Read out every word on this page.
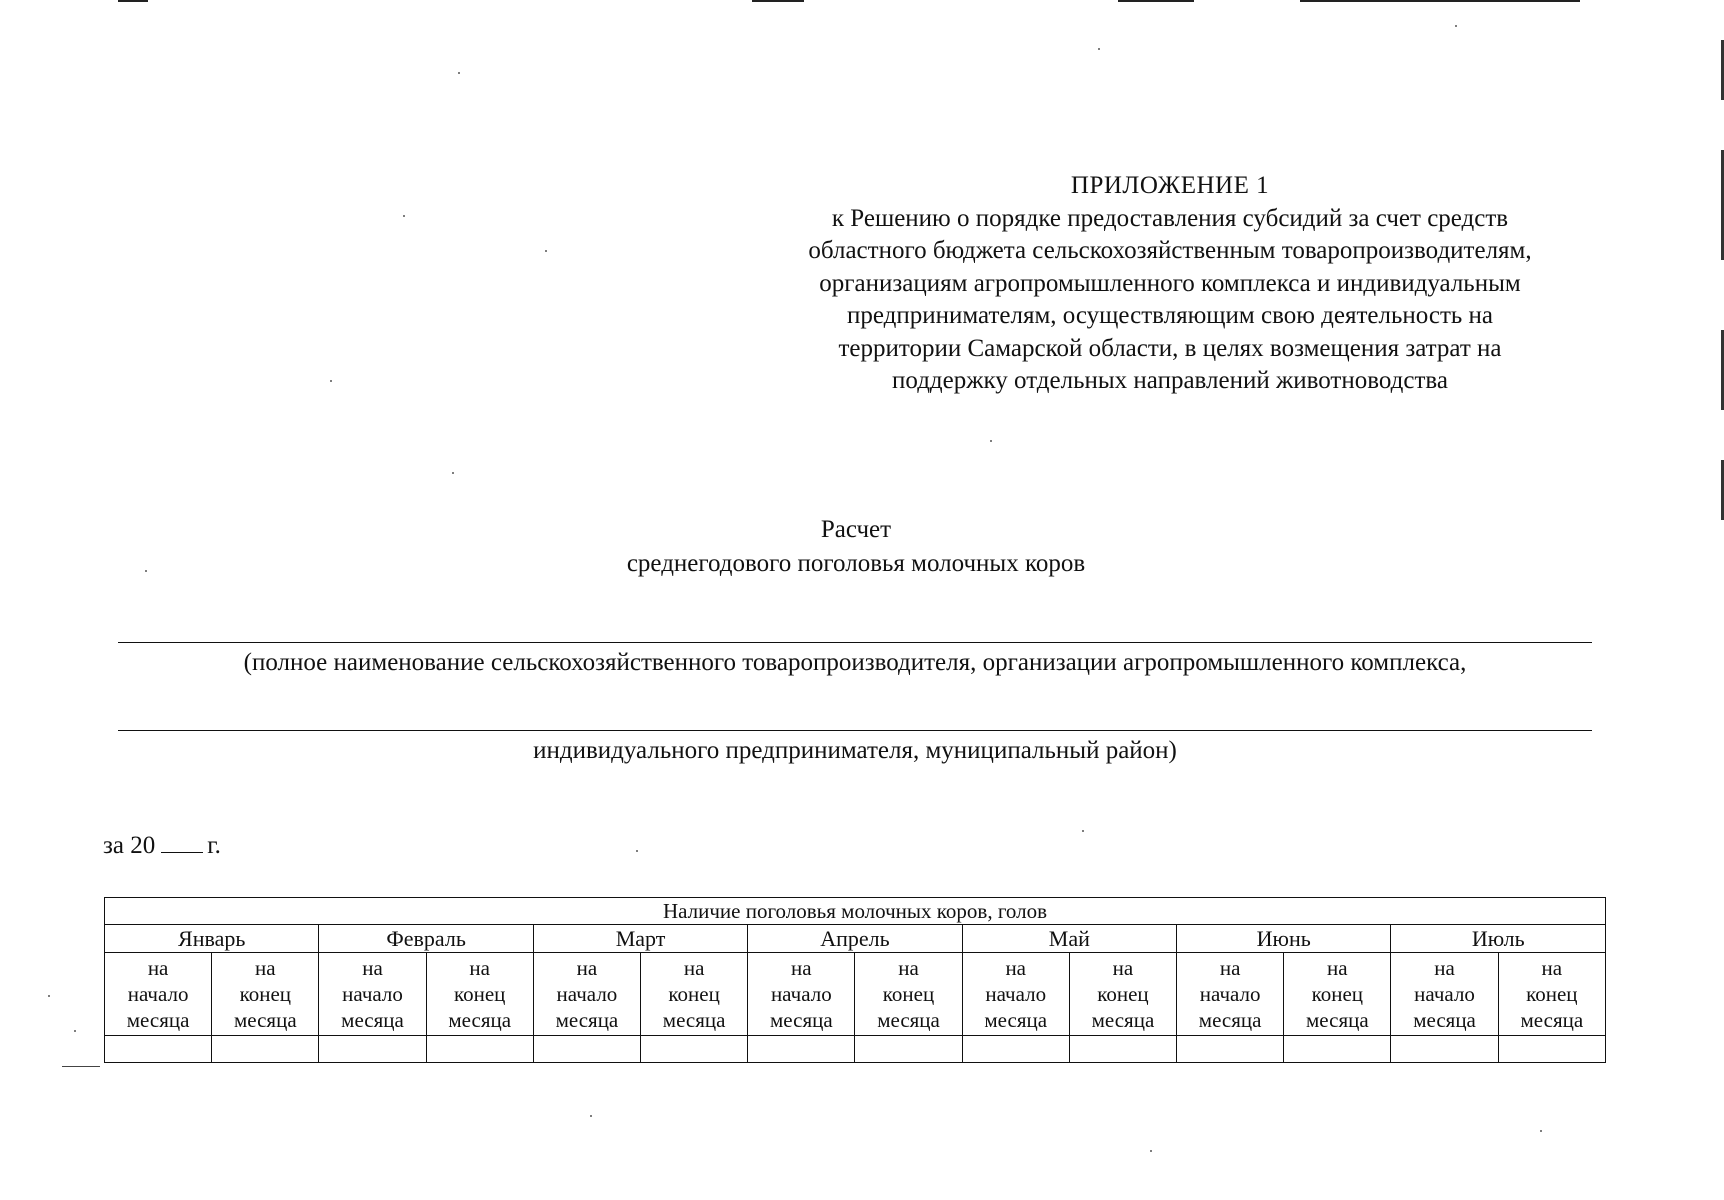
ПРИЛОЖЕНИЕ 1
к Решению о порядке предоставления субсидий за счет средств
областного бюджета сельскохозяйственным товаропроизводителям,
организациям агропромышленного комплекса и индивидуальным
предпринимателям, осуществляющим свою деятельность на
территории Самарской области, в целях возмещения затрат на
поддержку отдельных направлений животноводства
Расчет
среднегодового поголовья молочных коров
(полное наименование сельскохозяйственного товаропроизводителя, организации агропромышленного комплекса,
индивидуального предпринимателя, муниципальный район)
за 20 г.
Наличие поголовья молочных коров, голов													
Январь		Февраль		Март		Апрель		Май		Июнь		Июль	
на
начало
месяца	на
конец
месяца	на
начало
месяца	на
конец
месяца	на
начало
месяца	на
конец
месяца	на
начало
месяца	на
конец
месяца	на
начало
месяца	на
конец
месяца	на
начало
месяца	на
конец
месяца	на
начало
месяца	на
конец
месяца
